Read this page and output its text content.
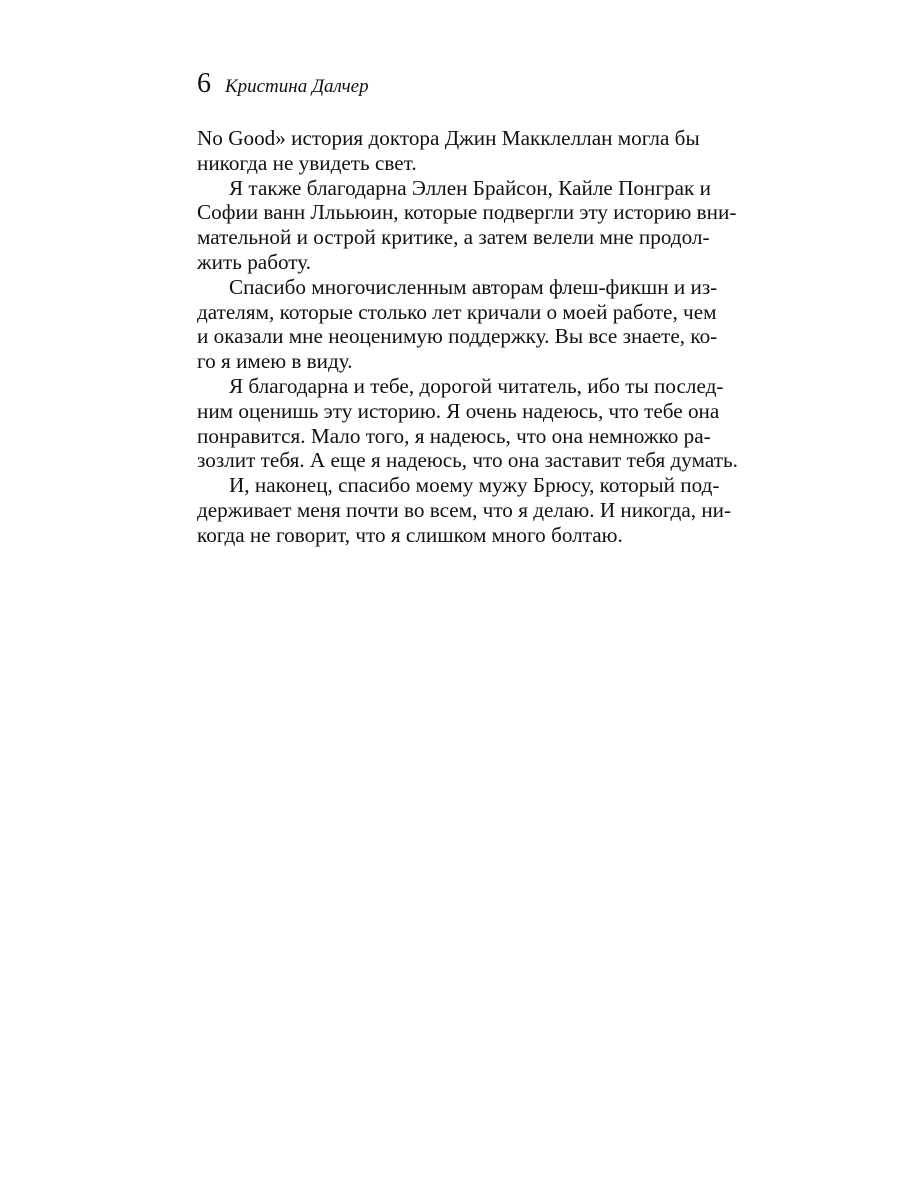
6 Кристина Далчер

No Good» история доктора Джин Макклеллан могла бы
никогда не увидеть свет.

Я также благодарна Эллен Брайсон, Кайле Понграк и
Софии ванн Ллььюин, которые подвергли эту историю вни-
мательной и острой критике, а затем велели мне продол-
жить работу.

Спасибо многочисленным авторам флеш-фикшн и из-
дателям, которые столько лет кричали о моей работе, чем
и оказали мне неоценимую поддержку. Вы все знаете, ко-
го я имею в виду.

Я благодарна и тебе, дорогой читатель, ибо ты послед-
ним оценишь эту историю. Я очень надеюсь, что тебе она
понравится. Мало того, я надеюсь, что она немножко ра-
зозлит тебя. А еще я надеюсь, что она заставит тебя думать.

И, наконец, спасибо моему мужу Брюсу, который под-
держивает меня почти во всем, что я делаю. И никогда, ни-
когда не говорит, что я слишком много болтаю.
